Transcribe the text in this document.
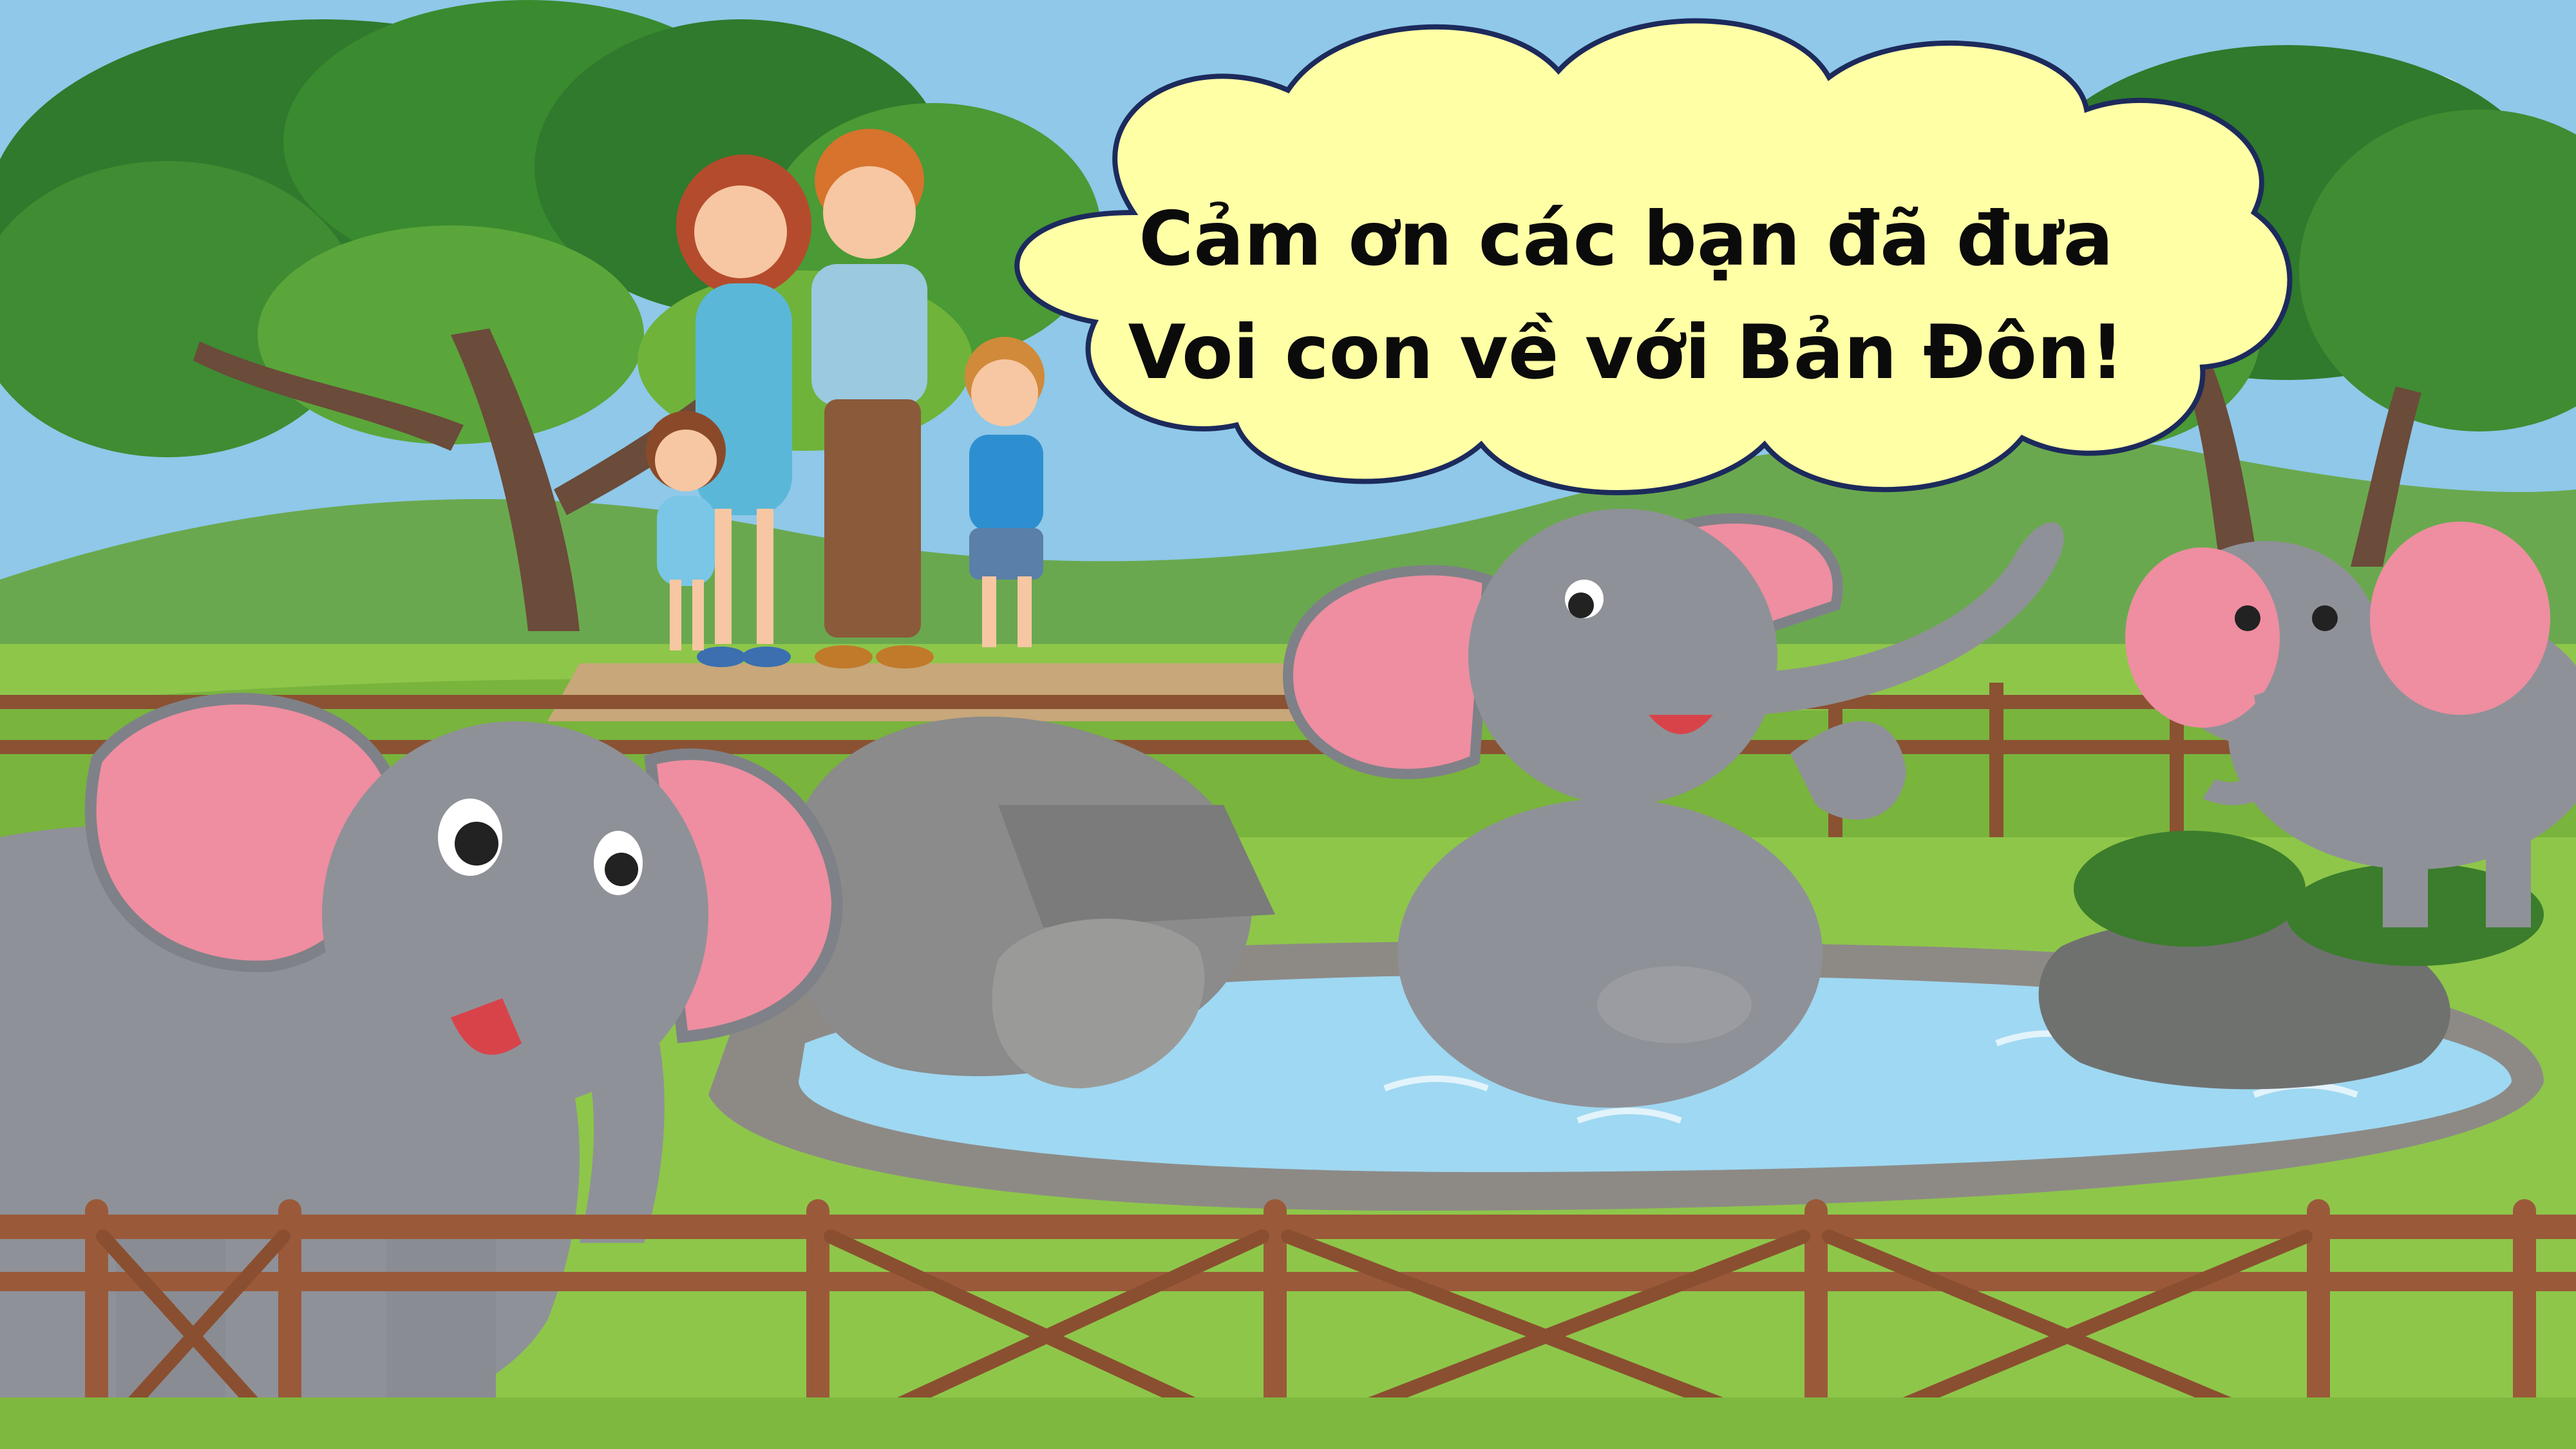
Cảm ơn các bạn đã đưa
Voi con về với Bản Đôn!
